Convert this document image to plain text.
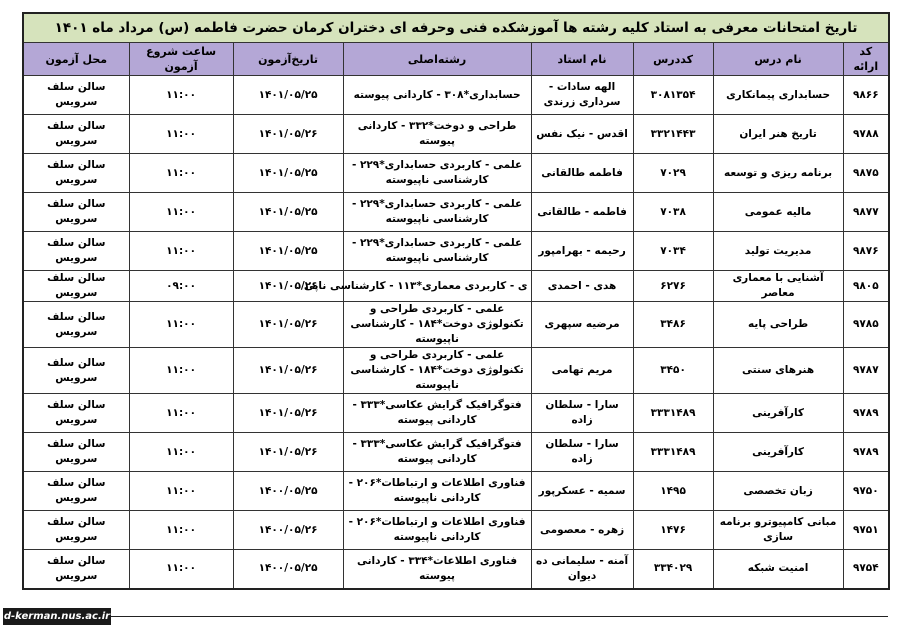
تاریخ امتحانات معرفی به استاد کلیه رشته ها آموزشکده فنی وحرفه ای دختران کرمان حضرت فاطمه (س) مرداد ماه ۱۴۰۱							
کد ارائه	نام درس	کددرس	نام استاد	رشته‌اصلی	تاریخ‌آزمون	ساعت شروع آزمون	محل آزمون
۹۸۶۶	حسابداری پیمانکاری	۳۰۸۱۳۵۴	الهه سادات - سرداری زرندی	حسابداری*۳۰۸ - کاردانی پیوسته	۱۴۰۱/۰۵/۲۵	۱۱:۰۰	سالن سلف سرویس
۹۷۸۸	تاریخ هنر ایران	۳۳۲۱۴۴۳	اقدس - نیک نفس	طراحی و دوخت*۳۳۲ - کاردانی پیوسته	۱۴۰۱/۰۵/۲۶	۱۱:۰۰	سالن سلف سرویس
۹۸۷۵	برنامه ریزی و توسعه	۷۰۲۹	فاطمه طالقانی	علمی - کاربردی حسابداری*۲۲۹ - کارشناسی ناپیوسته	۱۴۰۱/۰۵/۲۵	۱۱:۰۰	سالن سلف سرویس
۹۸۷۷	مالیه عمومی	۷۰۳۸	فاطمه - طالقانی	علمی - کاربردی حسابداری*۲۲۹ - کارشناسی ناپیوسته	۱۴۰۱/۰۵/۲۵	۱۱:۰۰	سالن سلف سرویس
۹۸۷۶	مدیریت تولید	۷۰۳۴	رحیمه - بهرامپور	علمی - کاربردی حسابداری*۲۲۹ - کارشناسی ناپیوسته	۱۴۰۱/۰۵/۲۵	۱۱:۰۰	سالن سلف سرویس
۹۸۰۵	آشنایی با معماری معاصر	۶۲۷۶	هدی - احمدی	ی - کاربردی معماری*۱۱۳ - کارشناسی ناپی	۱۴۰۱/۰۵/۲۶	۰۹:۰۰	سالن سلف سرویس
۹۷۸۵	طراحی پایه	۳۴۸۶	مرضیه سپهری	علمی - کاربردی طراحی و تکنولوژی دوخت*۱۸۴ - کارشناسی ناپیوسته	۱۴۰۱/۰۵/۲۶	۱۱:۰۰	سالن سلف سرویس
۹۷۸۷	هنرهای سنتی	۳۴۵۰	مریم تهامی	علمی - کاربردی طراحی و تکنولوژی دوخت*۱۸۴ - کارشناسی ناپیوسته	۱۴۰۱/۰۵/۲۶	۱۱:۰۰	سالن سلف سرویس
۹۷۸۹	کارآفرینی	۳۳۳۱۴۸۹	سارا - سلطان زاده	فتوگرافیک گرایش عکاسی*۳۳۳ - کاردانی پیوسته	۱۴۰۱/۰۵/۲۶	۱۱:۰۰	سالن سلف سرویس
۹۷۸۹	کارآفرینی	۳۳۳۱۴۸۹	سارا - سلطان زاده	فتوگرافیک گرایش عکاسی*۳۳۳ - کاردانی پیوسته	۱۴۰۱/۰۵/۲۶	۱۱:۰۰	سالن سلف سرویس
۹۷۵۰	زبان تخصصی	۱۴۹۵	سمیه - عسکرپور	فناوری اطلاعات و ارتباطات*۲۰۶ - کاردانی ناپیوسته	۱۴۰۰/۰۵/۲۵	۱۱:۰۰	سالن سلف سرویس
۹۷۵۱	مبانی کامپیوترو برنامه سازی	۱۴۷۶	زهره - معصومی	فناوری اطلاعات و ارتباطات*۲۰۶ - کاردانی ناپیوسته	۱۴۰۰/۰۵/۲۶	۱۱:۰۰	سالن سلف سرویس
۹۷۵۴	امنیت شبکه	۳۳۴۰۲۹	آمنه - سلیمانی ده دیوان	فناوری اطلاعات*۳۳۴ - کاردانی پیوسته	۱۴۰۰/۰۵/۲۵	۱۱:۰۰	سالن سلف سرویس
d-kerman.nus.ac.ir
